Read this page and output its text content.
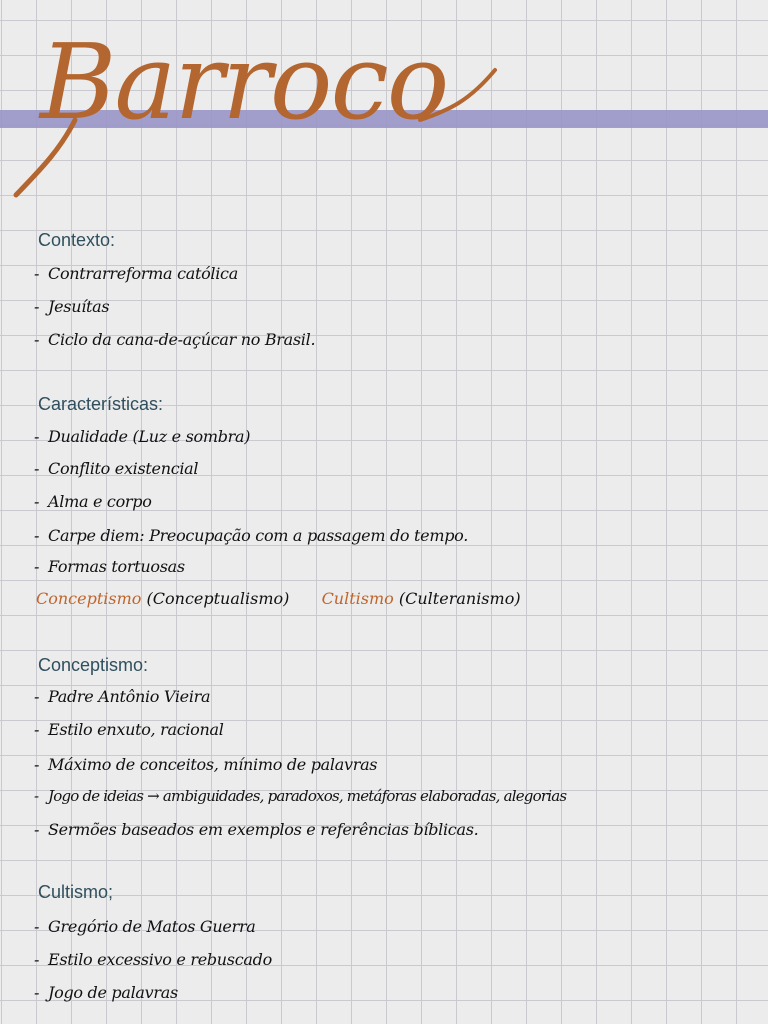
Barroco
Contexto:
- Contrarreforma católica
- Jesuítas
- Ciclo da cana-de-açúcar no Brasil.
Características:
- Dualidade (Luz e sombra)
- Conflito existencial
- Alma e corpo
- Carpe diem: Preocupação com a passagem do tempo.
- Formas tortuosas
Conceptismo (Conceptualismo) Cultismo (Culteranismo)
Conceptismo:
- Padre Antônio Vieira
- Estilo enxuto, racional
- Máximo de conceitos, mínimo de palavras
- Jogo de ideias → ambiguidades, paradoxos, metáforas elaboradas, alegorias
- Sermões baseados em exemplos e referências bíblicas.
Cultismo;
- Gregório de Matos Guerra
- Estilo excessivo e rebuscado
- Jogo de palavras
